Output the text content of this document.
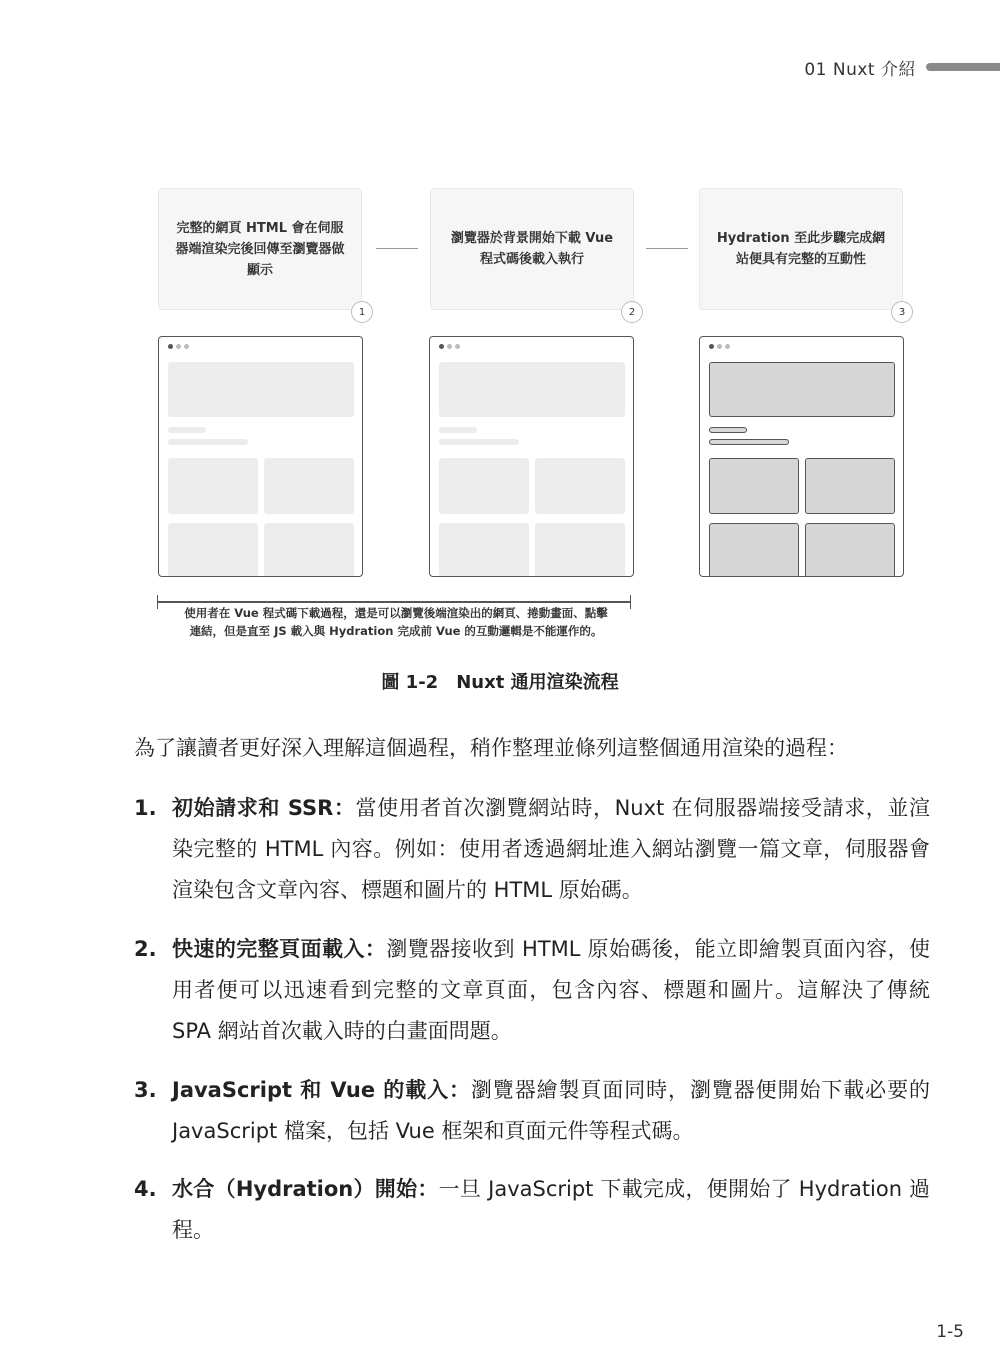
01 Nuxt 介紹
完整的網頁 HTML 會在伺服器端渲染完後回傳至瀏覽器做顯示
瀏覽器於背景開始下載 Vue 程式碼後載入執行
Hydration 至此步驟完成網站便具有完整的互動性
1	2	3
使用者在 Vue 程式碼下載過程，還是可以瀏覽後端渲染出的網頁、捲動畫面、點擊連結，但是直至 JS 載入與 Hydration 完成前 Vue 的互動邏輯是不能運作的。
圖 1-2 Nuxt 通用渲染流程

為了讓讀者更好深入理解這個過程，稍作整理並條列這整個通用渲染的過程：

1. 初始請求和 SSR：當使用者首次瀏覽網站時，Nuxt 在伺服器端接受請求，並渲染完整的 HTML 內容。例如：使用者透過網址進入網站瀏覽一篇文章，伺服器會渲染包含文章內容、標題和圖片的 HTML 原始碼。

2. 快速的完整頁面載入：瀏覽器接收到 HTML 原始碼後，能立即繪製頁面內容，使用者便可以迅速看到完整的文章頁面，包含內容、標題和圖片。這解決了傳統 SPA 網站首次載入時的白畫面問題。

3. JavaScript 和 Vue 的載入：瀏覽器繪製頁面同時，瀏覽器便開始下載必要的 JavaScript 檔案，包括 Vue 框架和頁面元件等程式碼。

4. 水合（Hydration）開始：一旦 JavaScript 下載完成，便開始了 Hydration 過程。

1-5
